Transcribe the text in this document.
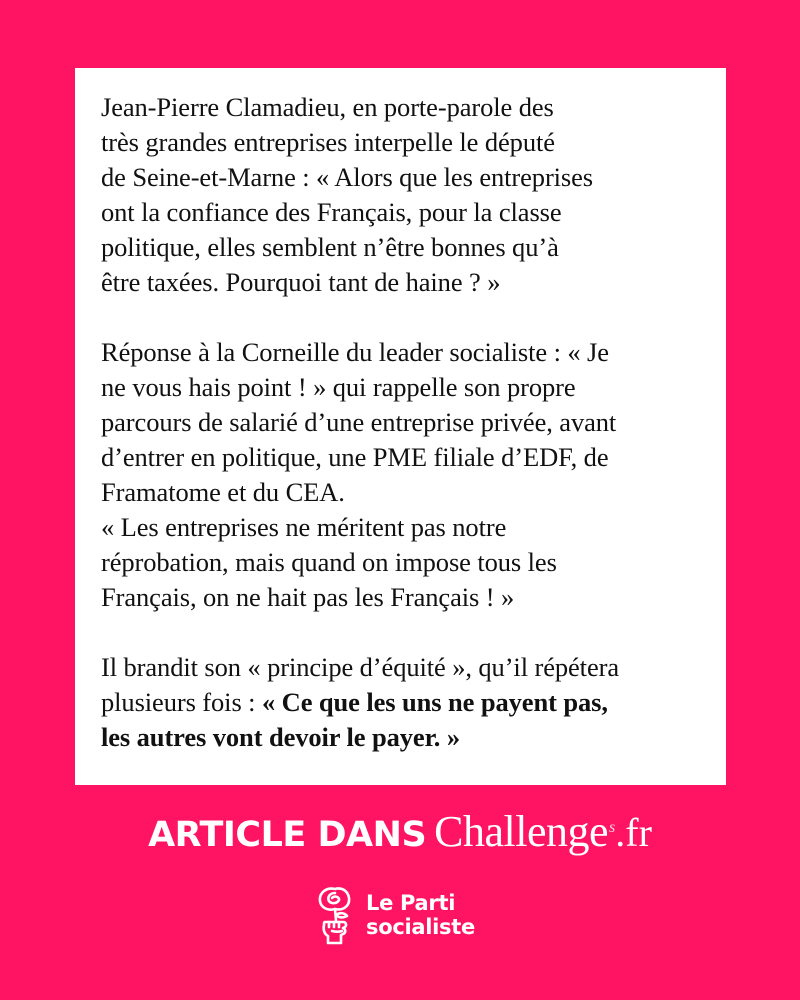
Jean-Pierre Clamadieu, en porte-parole des
très grandes entreprises interpelle le député
de Seine-et-Marne : « Alors que les entreprises
ont la confiance des Français, pour la classe
politique, elles semblent n’être bonnes qu’à
être taxées. Pourquoi tant de haine ? »

Réponse à la Corneille du leader socialiste : « Je
ne vous hais point ! » qui rappelle son propre
parcours de salarié d’une entreprise privée, avant
d’entrer en politique, une PME filiale d’EDF, de
Framatome et du CEA.
« Les entreprises ne méritent pas notre
réprobation, mais quand on impose tous les
Français, on ne hait pas les Français ! »

Il brandit son « principe d’équité », qu’il répétera
plusieurs fois : « Ce que les uns ne payent pas,
les autres vont devoir le payer. »

ARTICLE DANS Challenges.fr
Le Parti
socialiste
